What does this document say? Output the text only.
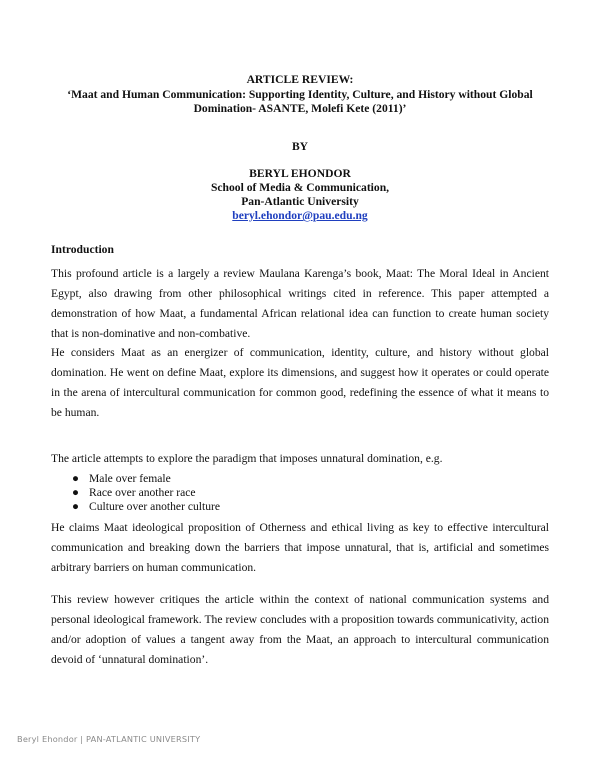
ARTICLE REVIEW:
‘Maat and Human Communication: Supporting Identity, Culture, and History without Global Domination- ASANTE, Molefi Kete (2011)’
BY
BERYL EHONDOR
School of Media & Communication,
Pan-Atlantic University
beryl.ehondor@pau.edu.ng
Introduction

This profound article is a largely a review Maulana Karenga’s book, Maat: The Moral Ideal in Ancient Egypt, also drawing from other philosophical writings cited in reference. This paper attempted a demonstration of how Maat, a fundamental African relational idea can function to create human society that is non-dominative and non-combative.

He considers Maat as an energizer of communication, identity, culture, and history without global domination. He went on define Maat, explore its dimensions, and suggest how it operates or could operate in the arena of intercultural communication for common good, redefining the essence of what it means to be human.

The article attempts to explore the paradigm that imposes unnatural domination, e.g.

● Male over female
● Race over another race
● Culture over another culture

He claims Maat ideological proposition of Otherness and ethical living as key to effective intercultural communication and breaking down the barriers that impose unnatural, that is, artificial and sometimes arbitrary barriers on human communication.

This review however critiques the article within the context of national communication systems and personal ideological framework. The review concludes with a proposition towards communicativity, action and/or adoption of values a tangent away from the Maat, an approach to intercultural communication devoid of ‘unnatural domination’.

Beryl Ehondor | PAN-ATLANTIC UNIVERSITY
